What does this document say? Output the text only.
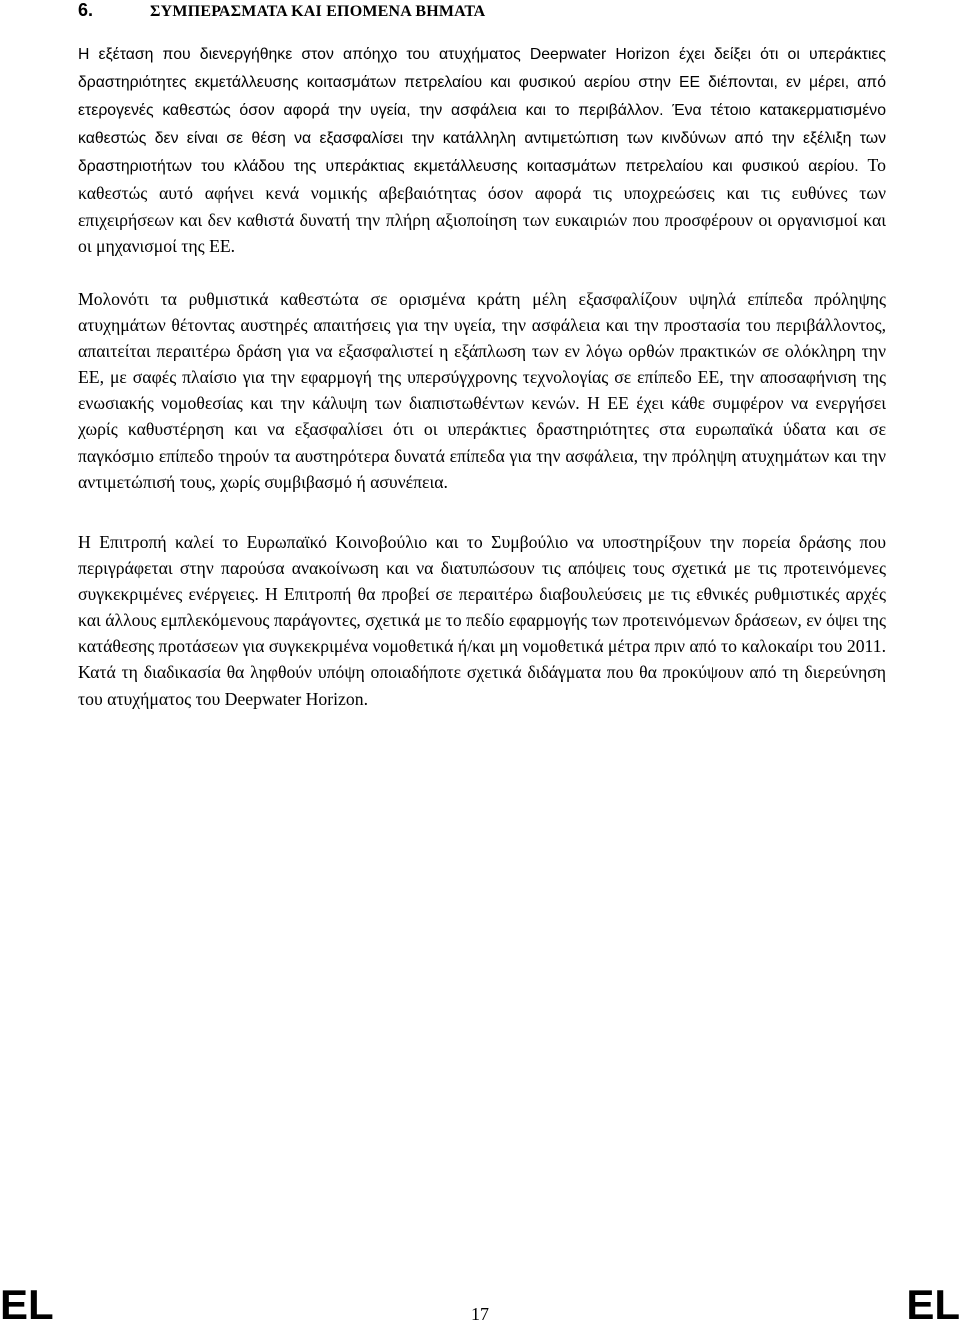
6.	ΣΥΜΠΕΡΑΣΜΑΤΑ ΚΑΙ ΕΠΟΜΕΝΑ ΒΗΜΑΤΑ

Η εξέταση που διενεργήθηκε στον απόηχο του ατυχήματος Deepwater Horizon έχει δείξει ότι οι υπεράκτιες δραστηριότητες εκμετάλλευσης κοιτασμάτων πετρελαίου και φυσικού αερίου στην ΕΕ διέπονται, εν μέρει, από ετερογενές καθεστώς όσον αφορά την υγεία, την ασφάλεια και το περιβάλλον. Ένα τέτοιο κατακερματισμένο καθεστώς δεν είναι σε θέση να εξασφαλίσει την κατάλληλη αντιμετώπιση των κινδύνων από την εξέλιξη των δραστηριοτήτων του κλάδου της υπεράκτιας εκμετάλλευσης κοιτασμάτων πετρελαίου και φυσικού αερίου. Το καθεστώς αυτό αφήνει κενά νομικής αβεβαιότητας όσον αφορά τις υποχρεώσεις και τις ευθύνες των επιχειρήσεων και δεν καθιστά δυνατή την πλήρη αξιοποίηση των ευκαιριών που προσφέρουν οι οργανισμοί και οι μηχανισμοί της ΕΕ.

Μολονότι τα ρυθμιστικά καθεστώτα σε ορισμένα κράτη μέλη εξασφαλίζουν υψηλά επίπεδα πρόληψης ατυχημάτων θέτοντας αυστηρές απαιτήσεις για την υγεία, την ασφάλεια και την προστασία του περιβάλλοντος, απαιτείται περαιτέρω δράση για να εξασφαλιστεί η εξάπλωση των εν λόγω ορθών πρακτικών σε ολόκληρη την ΕΕ, με σαφές πλαίσιο για την εφαρμογή της υπερσύγχρονης τεχνολογίας σε επίπεδο ΕΕ, την αποσαφήνιση της ενωσιακής νομοθεσίας και την κάλυψη των διαπιστωθέντων κενών. Η ΕΕ έχει κάθε συμφέρον να ενεργήσει χωρίς καθυστέρηση και να εξασφαλίσει ότι οι υπεράκτιες δραστηριότητες στα ευρωπαϊκά ύδατα και σε παγκόσμιο επίπεδο τηρούν τα αυστηρότερα δυνατά επίπεδα για την ασφάλεια, την πρόληψη ατυχημάτων και την αντιμετώπισή τους, χωρίς συμβιβασμό ή ασυνέπεια.

Η Επιτροπή καλεί το Ευρωπαϊκό Κοινοβούλιο και το Συμβούλιο να υποστηρίξουν την πορεία δράσης που περιγράφεται στην παρούσα ανακοίνωση και να διατυπώσουν τις απόψεις τους σχετικά με τις προτεινόμενες συγκεκριμένες ενέργειες. Η Επιτροπή θα προβεί σε περαιτέρω διαβουλεύσεις με τις εθνικές ρυθμιστικές αρχές και άλλους εμπλεκόμενους παράγοντες, σχετικά με το πεδίο εφαρμογής των προτεινόμενων δράσεων, εν όψει της κατάθεσης προτάσεων για συγκεκριμένα νομοθετικά ή/και μη νομοθετικά μέτρα πριν από το καλοκαίρι του 2011. Κατά τη διαδικασία θα ληφθούν υπόψη οποιαδήποτε σχετικά διδάγματα που θα προκύψουν από τη διερεύνηση του ατυχήματος του Deepwater Horizon.

EL	17	EL
